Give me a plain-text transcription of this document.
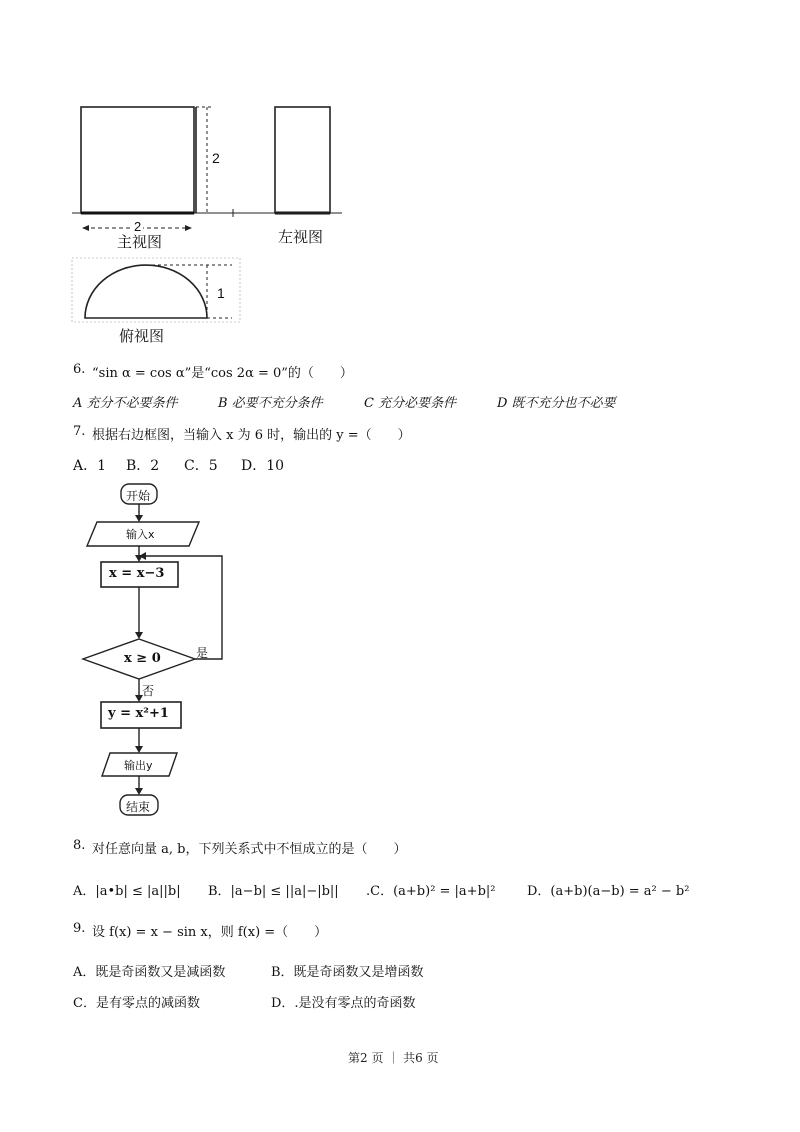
2
2
主视图	左视图
1
俯视图
6. “sin α = cos α”是“cos 2α = 0”的（　　）
A 充分不必要条件	B 必要不充分条件	C 充分必要条件	D 既不充分也不必要
7. 根据右边框图，当输入 x 为 6 时，输出的 y =（　　）
A．1 B．2 C．5 D．10
开始
输入x
x = x−3
x ≥ 0	是
否
y = x²+1
输出y
结束
8. 对任意向量 a, b，下列关系式中不恒成立的是（　　）
A．|a•b| ≤ |a||b| B．|a−b| ≤ ||a|−|b|| .C．(a+b)² = |a+b|² D．(a+b)(a−b) = a² − b²
9. 设 f(x) = x − sin x，则 f(x) =（　　）
A．既是奇函数又是减函数	B．既是奇函数又是增函数
C．是有零点的减函数	D．.是没有零点的奇函数
第2 页 ｜ 共6 页
